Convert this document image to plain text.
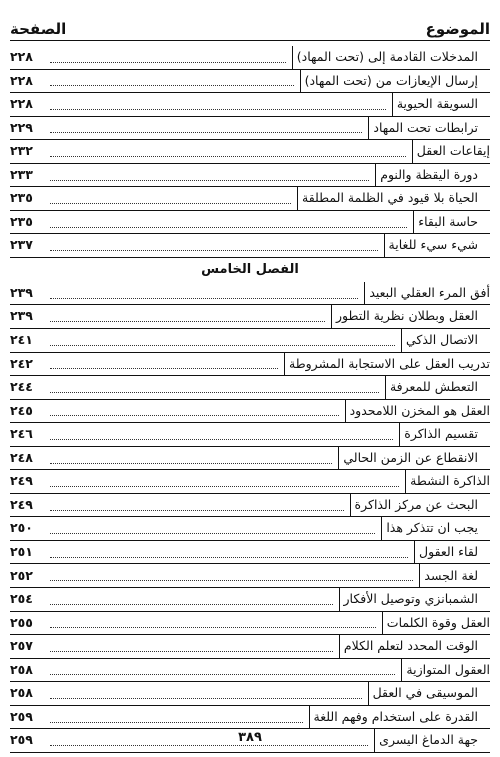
الموضوع
الصفحة
المدخلات القادمة إلى (تحت المهاد)
٢٢٨
إرسال الإيعازات من (تحت المهاد)
٢٢٨
السويقة الحيوية
٢٢٨
ترابطات تحت المهاد
٢٢٩
إيقاعات العقل
٢٣٢
دورة اليقظة والنوم
٢٣٣
الحياة بلا قيود في الظلمة المطلقة
٢٣٥
حاسة البقاء
٢٣٥
شيء سيء للغاية
٢٣٧
الفصل الخامس
أفق المرء العقلي البعيد
٢٣٩
العقل وبطلان نظرية التطور
٢٣٩
الاتصال الذكي
٢٤١
تدريب العقل على الاستجابة المشروطة
٢٤٢
التعطش للمعرفة
٢٤٤
العقل هو المخزن اللامحدود
٢٤٥
تقسيم الذاكرة
٢٤٦
الانقطاع عن الزمن الحالي
٢٤٨
الذاكرة النشطة
٢٤٩
البحث عن مركز الذاكرة
٢٤٩
يجب ان تتذكر هذا
٢٥٠
لقاء العقول
٢٥١
لغة الجسد
٢٥٢
الشمبانزي وتوصيل الأفكار
٢٥٤
العقل وقوة الكلمات
٢٥٥
الوقت المحدد لتعلم الكلام
٢٥٧
العقول المتوازية
٢٥٨
الموسيقى في العقل
٢٥٨
القدرة على استخدام وفهم اللغة
٢٥٩
جهة الدماغ اليسرى
٢٥٩	٣٨٩
